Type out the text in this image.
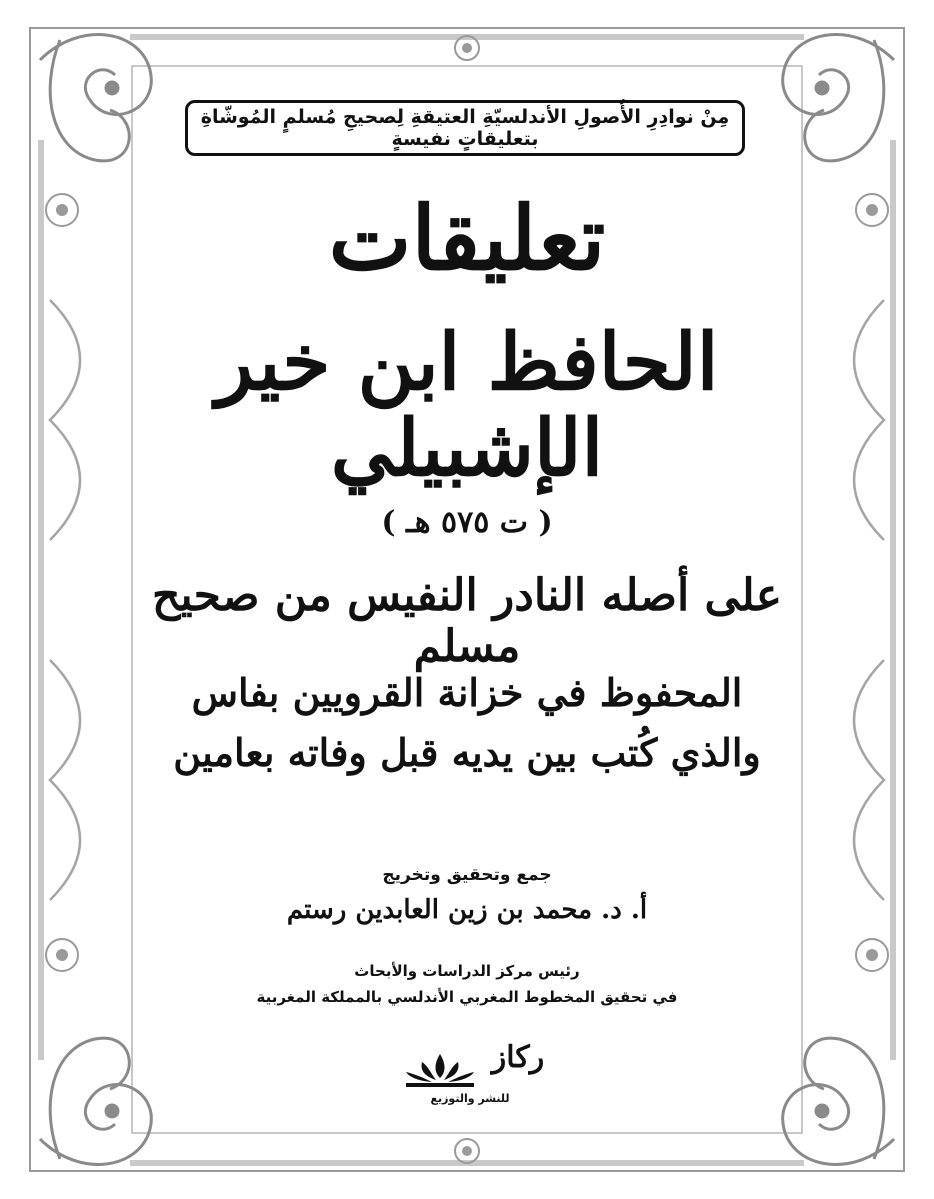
مِنْ نوادِرِ الأُصولِ الأندلسيّةِ العتيقةِ لِصحيحِ مُسلمٍ المُوشّاةِ بتعليقاتٍ نفيسةٍ
تعليقات
الحافظ ابن خير الإشبيلي
( ت ٥٧٥ هـ )
على أصله النادر النفيس من صحيح مسلم
المحفوظ في خزانة القرويين بفاس
والذي كُتب بين يديه قبل وفاته بعامين
جمع وتحقيق وتخريج
أ. د. محمد بن زين العابدين رستم
رئيس مركز الدراسات والأبحاث
في تحقيق المخطوط المغربي الأندلسي بالمملكة المغربية
ركاز
للنشر والتوزيع
